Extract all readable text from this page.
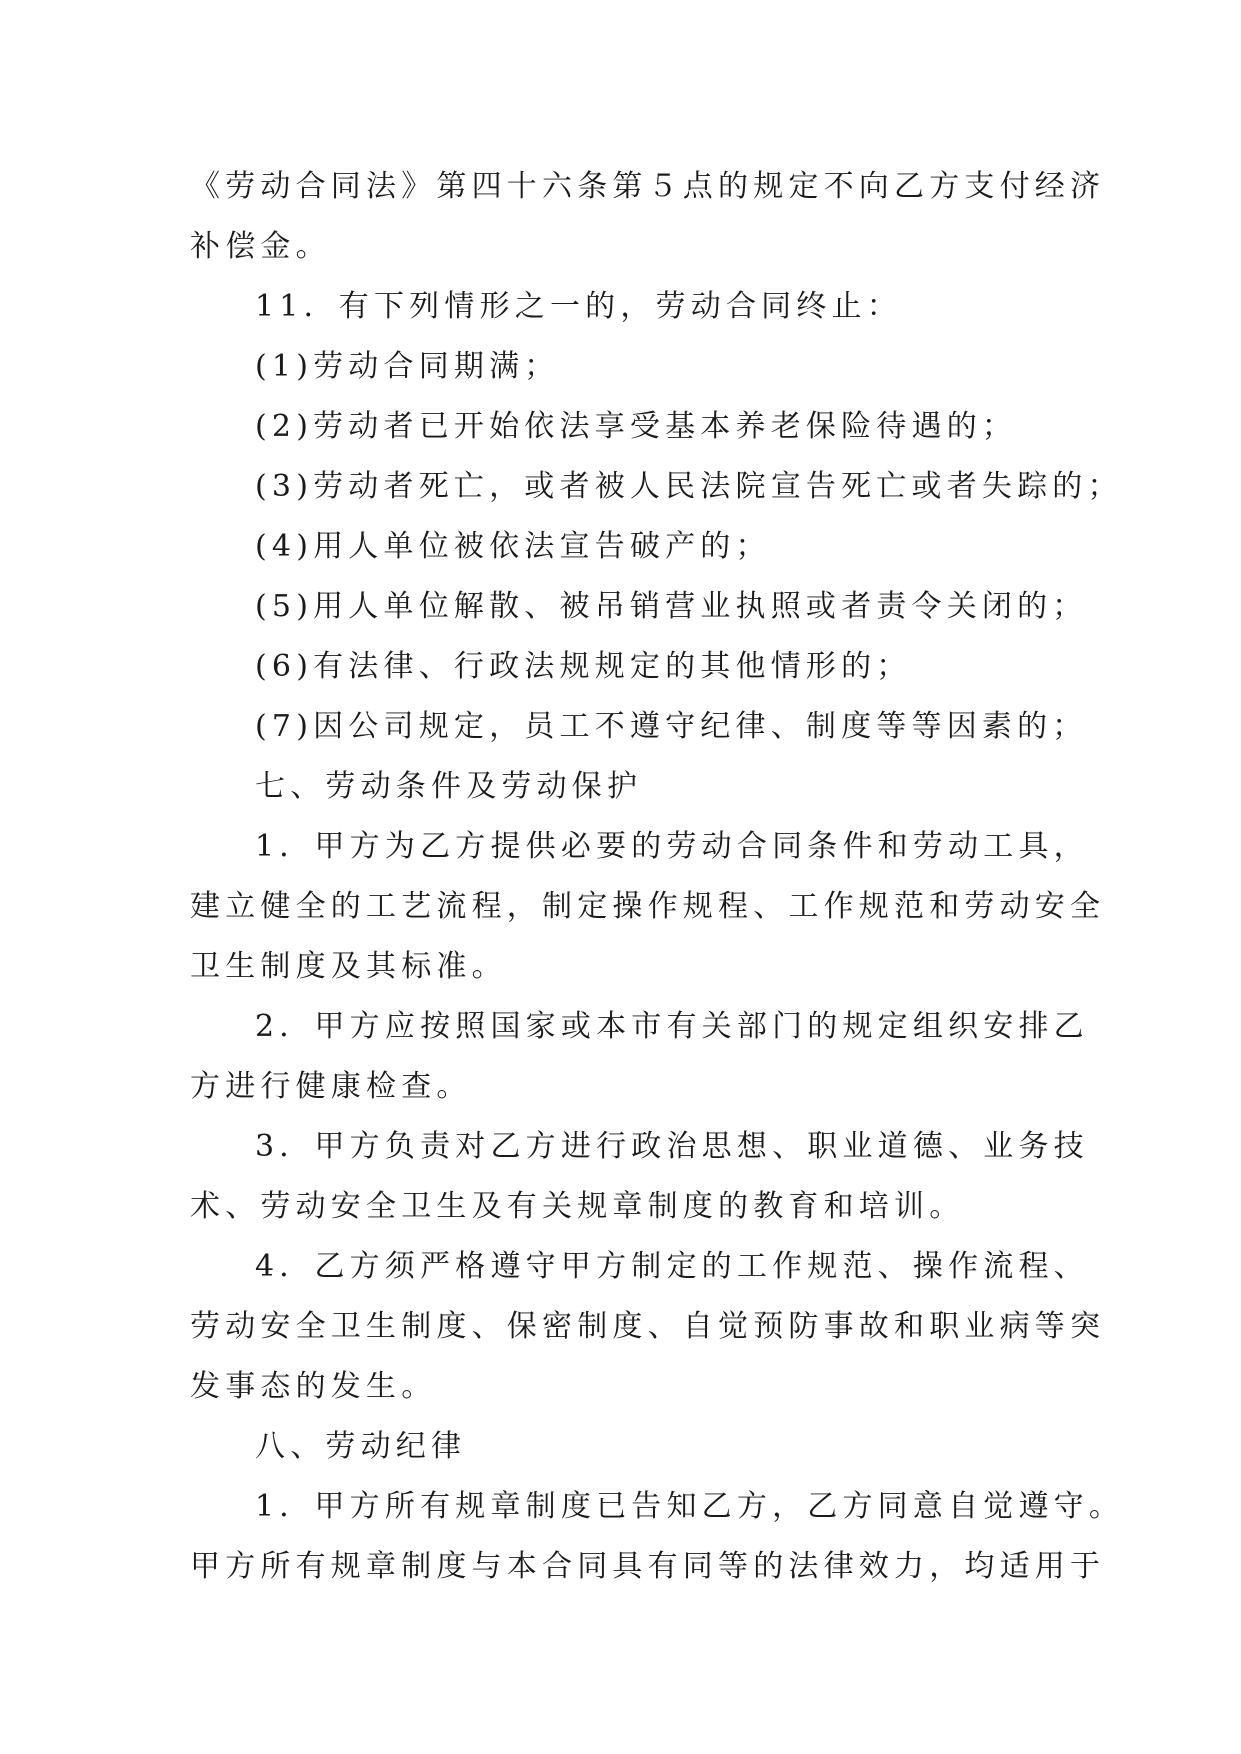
《劳动合同法》第四十六条第５点的规定不向乙方支付经济
补偿金。
11．有下列情形之一的，劳动合同终止：
(1)劳动合同期满；
(2)劳动者已开始依法享受基本养老保险待遇的；
(3)劳动者死亡，或者被人民法院宣告死亡或者失踪的；
(4)用人单位被依法宣告破产的；
(5)用人单位解散、被吊销营业执照或者责令关闭的；
(6)有法律、行政法规规定的其他情形的；
(7)因公司规定，员工不遵守纪律、制度等等因素的；
七、劳动条件及劳动保护
1．甲方为乙方提供必要的劳动合同条件和劳动工具，
建立健全的工艺流程，制定操作规程、工作规范和劳动安全
卫生制度及其标准。
2．甲方应按照国家或本市有关部门的规定组织安排乙
方进行健康检查。
3．甲方负责对乙方进行政治思想、职业道德、业务技
术、劳动安全卫生及有关规章制度的教育和培训。
4．乙方须严格遵守甲方制定的工作规范、操作流程、
劳动安全卫生制度、保密制度、自觉预防事故和职业病等突
发事态的发生。
八、劳动纪律
1．甲方所有规章制度已告知乙方，乙方同意自觉遵守。
甲方所有规章制度与本合同具有同等的法律效力，均适用于
